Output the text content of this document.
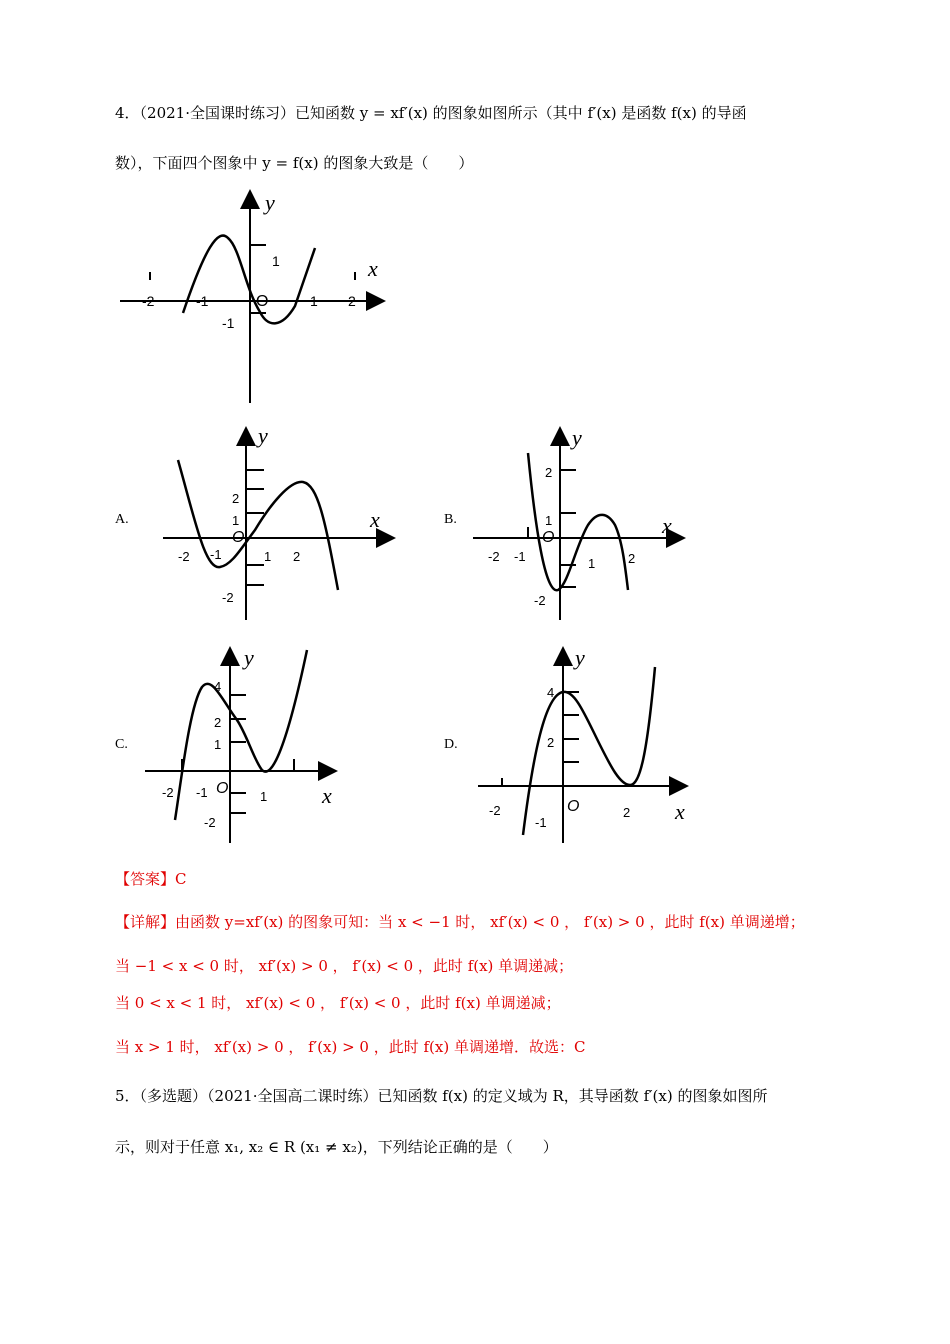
4．（2021·全国课时练习）已知函数 y = xf′(x) 的图象如图所示（其中 f′(x) 是函数 f(x) 的导函
数），下面四个图象中 y = f(x) 的图象大致是（　　）
y
x
O
-2	-1	1 2
1
-1
A.
y
x
O
-2 -1	1 2
2
1
-2
B.
y
x
O
-2 -1	1	2
2
1
-2
C.
y
x
O
-2 -1	1
4
2
1
-2
D.
y
x
O
-2
-1
2
4
2
【答案】C
【详解】由函数 y=xf′(x) 的图象可知：当 x < −1 时， xf′(x) < 0 ， f′(x) > 0 ，此时 f(x) 单调递增；
当 −1 < x < 0 时， xf′(x) > 0 ， f′(x) < 0 ，此时 f(x) 单调递减；
当 0 < x < 1 时， xf′(x) < 0 ， f′(x) < 0 ，此时 f(x) 单调递减；
当 x > 1 时， xf′(x) > 0 ， f′(x) > 0 ，此时 f(x) 单调递增．故选：C
5．（多选题）（2021·全国高二课时练）已知函数 f(x) 的定义域为 R，其导函数 f′(x) 的图象如图所
示，则对于任意 x₁, x₂ ∈ R (x₁ ≠ x₂)，下列结论正确的是（　　）
